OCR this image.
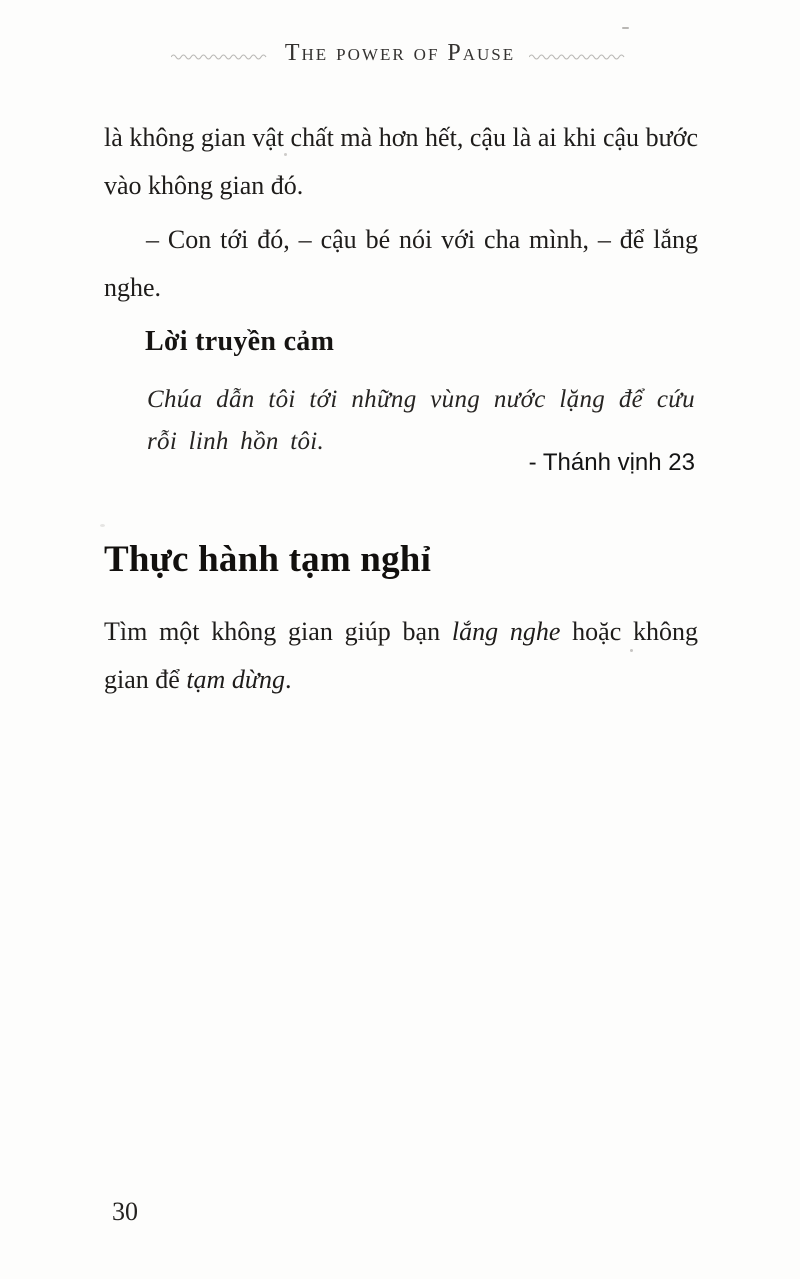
The power of Pause

là không gian vật chất mà hơn hết, cậu là ai khi cậu bước vào không gian đó.

– Con tới đó, – cậu bé nói với cha mình, – để lắng nghe.

Lời truyền cảm

Chúa dẫn tôi tới những vùng nước lặng để cứu rỗi linh hồn tôi.

- Thánh vịnh 23

Thực hành tạm nghỉ

Tìm một không gian giúp bạn lắng nghe hoặc không gian để tạm dừng.

30
